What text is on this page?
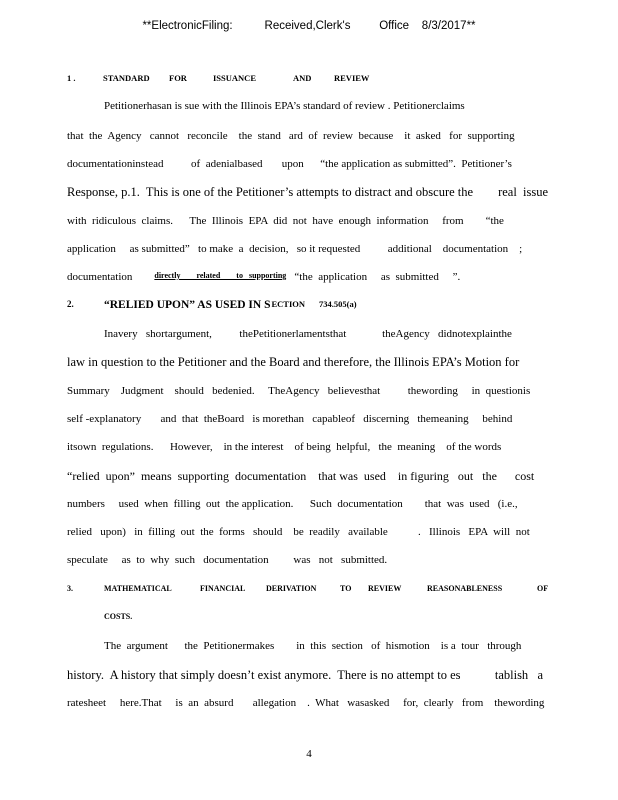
**ElectronicFiling:          Received,Clerk's         Office    8/3/2017**
1 .	STANDARD	FOR	ISSUANCE	AND	REVIEW
Petitionerhasan is sue with the Illinois EPA’s standard of review . Petitionerclaims
that  the  Agency   cannot   reconcile    the  stand ard  of  review  because    it  asked   for  supporting
documentationinstead          of  adenialbased       upon      “the application as submitted”.  Petitioner’s
Response, p.1.  This is one of the Petitioner’s attempts to distract and obscure the        real  issue
with  ridiculous  claims.      The  Illinois  EPA  did  not  have  enough  information     from        “the
application     as submitted”   to make  a  decision,   so it requested          additional    documentation    ;
documentation	directly        related        to   supporting “the  application     as  submitted     ”.
2.	“RELIED UPON” AS USED IN S ECTION 734.505(a)
Inavery   shortargument,          thePetitionerlamentsthat             theAgency   didnotexplainthe
law in question to the Petitioner and the Board and therefore, the Illinois EPA’s Motion for
Summary    Judgment    should   bedenied.     TheAgency   believesthat          thewording     in  questionis
self -explanatory       and  that  theBoard   is morethan   capableof   discerning   themeaning     behind
itsown  regulations.      However,    in the interest    of being  helpful,   the  meaning    of the words
“relied  upon”  means  supporting  documentation    that was  used    in figuring   out   the      cost
numbers     used  when  filling  out  the application.      Such  documentation        that  was  used   (i.e.,
relied   upon)   in  filling  out  the  forms   should    be  readily   available           .   Illinois   EPA  will  not
speculate     as  to  why  such   documentation         was   not   submitted.
3.	MATHEMATICAL	FINANCIAL	DERIVATION	TO	REVIEW	REASONABLENESS	OF
COSTS.
The  argument      the  Petitionermakes        in  this  section   of  hismotion    is a  tour   through
history.  A history that simply doesn’t exist anymore.  There is no attempt to es           tablish   a
ratesheet     here.That     is  an  absurd       allegation    .  What   wasasked     for,  clearly   from    thewording
4
